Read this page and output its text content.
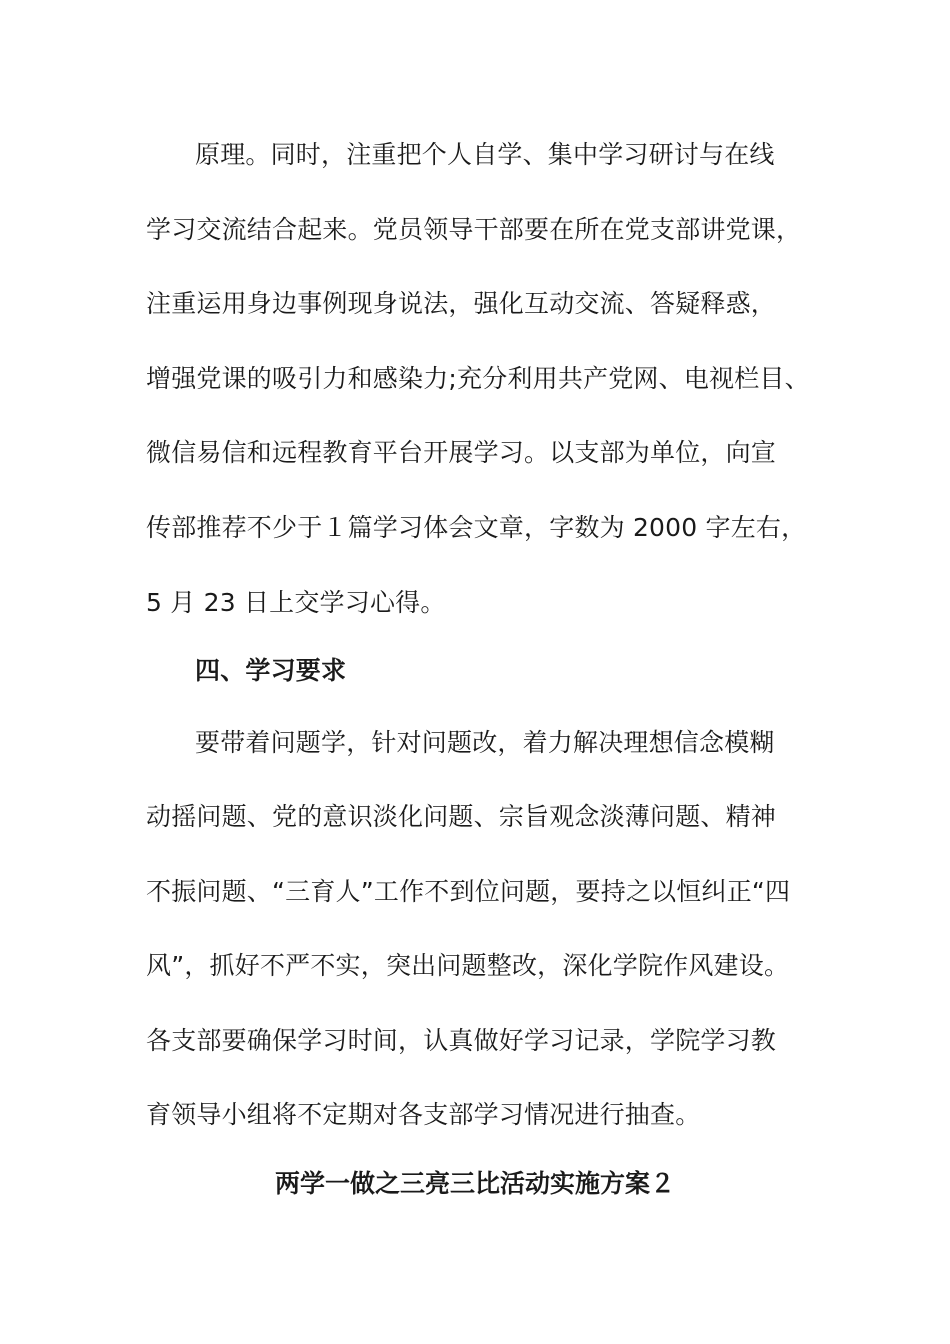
原理。同时，注重把个人自学、集中学习研讨与在线
学习交流结合起来。党员领导干部要在所在党支部讲党课，
注重运用身边事例现身说法，强化互动交流、答疑释惑，
增强党课的吸引力和感染力;充分利用共产党网、电视栏目、
微信易信和远程教育平台开展学习。以支部为单位，向宣
传部推荐不少于１篇学习体会文章，字数为 2000 字左右，
5 月 23 日上交学习心得。
四、学习要求
要带着问题学，针对问题改，着力解决理想信念模糊
动摇问题、党的意识淡化问题、宗旨观念淡薄问题、精神
不振问题、“三育人”工作不到位问题，要持之以恒纠正“四
风”，抓好不严不实，突出问题整改，深化学院作风建设。
各支部要确保学习时间，认真做好学习记录，学院学习教
育领导小组将不定期对各支部学习情况进行抽查。
两学一做之三亮三比活动实施方案２
